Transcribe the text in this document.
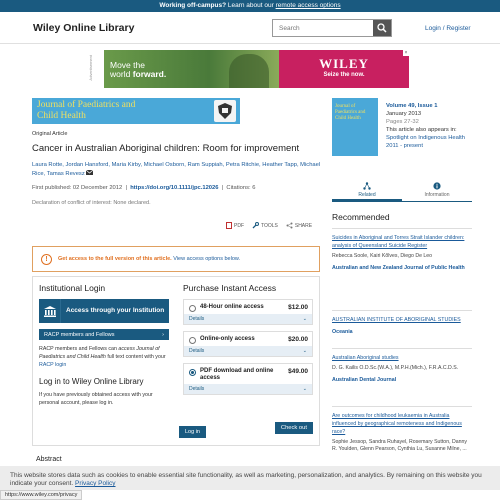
Working off-campus? Learn about our remote access options
Wiley Online Library
Search	Login / Register
Advertisement	Move the
world forward.
×
WILEY
Seize the now.
Journal of Paediatrics and
Child Health
Original Article
Cancer in Australian Aboriginal children: Room for improvement
Laura Rotte, Jordan Hansford, Maria Kirby, Michael Osborn, Ram Suppiah, Petra Ritchie, Heather Tapp, Michael Rice, Tamas Revesz
First published: 02 December 2012  |  https://doi.org/10.1111/jpc.12026  |  Citations: 6
Declaration of conflict of interest: None declared.
PDF	TOOLS	SHARE
!	Get access to the full version of this article. View access options below.
Institutional Login
Access through your Institution
RACP members and Fellows	›
RACP members and Fellows can access Journal of Paediatrics and Child Health full text content with your RACP login
Log in to Wiley Online Library
If you have previously obtained access with your personal account, please log in.
Log in
Purchase Instant Access
48-Hour online access	$12.00
Details	⌄
Online-only access	$20.00
Details	⌄
PDF download and online access
$49.00
Details	⌄
Check out
Journal of
Paediatrics and
Child Health
Volume 49, Issue 1
January 2013
Pages 27-32
This article also appears in:
Spotlight on Indigenous Health 2011 - present
Related	Information
Recommended
Suicides in Aboriginal and Torres Strait Islander children: analysis of Queensland Suicide Register
Rebecca Soole, Kairi Kõlves, Diego De Leo
Australian and New Zealand Journal of Public Health
AUSTRALIAN INSTITUTE OF ABORIGINAL STUDIES
Oceania
Australian Aboriginal studies
D. G. Kailis O.D.Sc.(W.A.), M.P.H.(Mich.), F.R.A.C.D.S.
Australian Dental Journal
Are outcomes for childhood leukaemia in Australia influenced by geographical remoteness and Indigenous race?
Sophie Jessop, Sandra Ruhayel, Rosemary Sutton, Danny R. Youlden, Glenn Pearson, Cynthia Lu, Susanne Milne, ...
Abstract
This website stores data such as cookies to enable essential site functionality, as well as marketing, personalization, and analytics. By remaining on this website you indicate your consent. Privacy Policy
https://www.wiley.com/privacy
